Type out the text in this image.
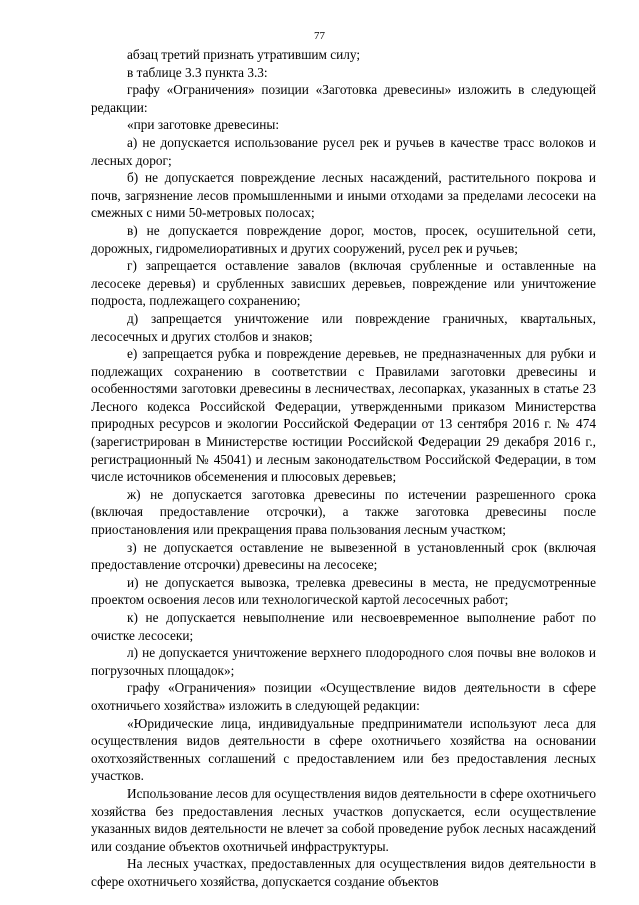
77

абзац третий признать утратившим силу;

в таблице 3.3 пункта 3.3:

графу «Ограничения» позиции «Заготовка древесины» изложить в следующей редакции:

«при заготовке древесины:

а) не допускается использование русел рек и ручьев в качестве трасс волоков и лесных дорог;

б) не допускается повреждение лесных насаждений, растительного покрова и почв, загрязнение лесов промышленными и иными отходами за пределами лесосеки на смежных с ними 50-метровых полосах;

в) не допускается повреждение дорог, мостов, просек, осушительной сети, дорожных, гидромелиоративных и других сооружений, русел рек и ручьев;

г) запрещается оставление завалов (включая срубленные и оставленные на лесосеке деревья) и срубленных зависших деревьев, повреждение или уничтожение подроста, подлежащего сохранению;

д) запрещается уничтожение или повреждение граничных, квартальных, лесосечных и других столбов и знаков;

е) запрещается рубка и повреждение деревьев, не предназначенных для рубки и подлежащих сохранению в соответствии с Правилами заготовки древесины и особенностями заготовки древесины в лесничествах, лесопарках, указанных в статье 23 Лесного кодекса Российской Федерации, утвержденными приказом Министерства природных ресурсов и экологии Российской Федерации от 13 сентября 2016 г. № 474 (зарегистрирован в Министерстве юстиции Российской Федерации 29 декабря 2016 г., регистрационный № 45041) и лесным законодательством Российской Федерации, в том числе источников обсеменения и плюсовых деревьев;

ж) не допускается заготовка древесины по истечении разрешенного срока (включая предоставление отсрочки), а также заготовка древесины после приостановления или прекращения права пользования лесным участком;

з) не допускается оставление не вывезенной в установленный срок (включая предоставление отсрочки) древесины на лесосеке;

и) не допускается вывозка, трелевка древесины в места, не предусмотренные проектом освоения лесов или технологической картой лесосечных работ;

к) не допускается невыполнение или несвоевременное выполнение работ по очистке лесосеки;

л) не допускается уничтожение верхнего плодородного слоя почвы вне волоков и погрузочных площадок»;

графу «Ограничения» позиции «Осуществление видов деятельности в сфере охотничьего хозяйства» изложить в следующей редакции:

«Юридические лица, индивидуальные предприниматели используют леса для осуществления видов деятельности в сфере охотничьего хозяйства на основании охотхозяйственных соглашений с предоставлением или без предоставления лесных участков.

Использование лесов для осуществления видов деятельности в сфере охотничьего хозяйства без предоставления лесных участков допускается, если осуществление указанных видов деятельности не влечет за собой проведение рубок лесных насаждений или создание объектов охотничьей инфраструктуры.

На лесных участках, предоставленных для осуществления видов деятельности в сфере охотничьего хозяйства, допускается создание объектов
